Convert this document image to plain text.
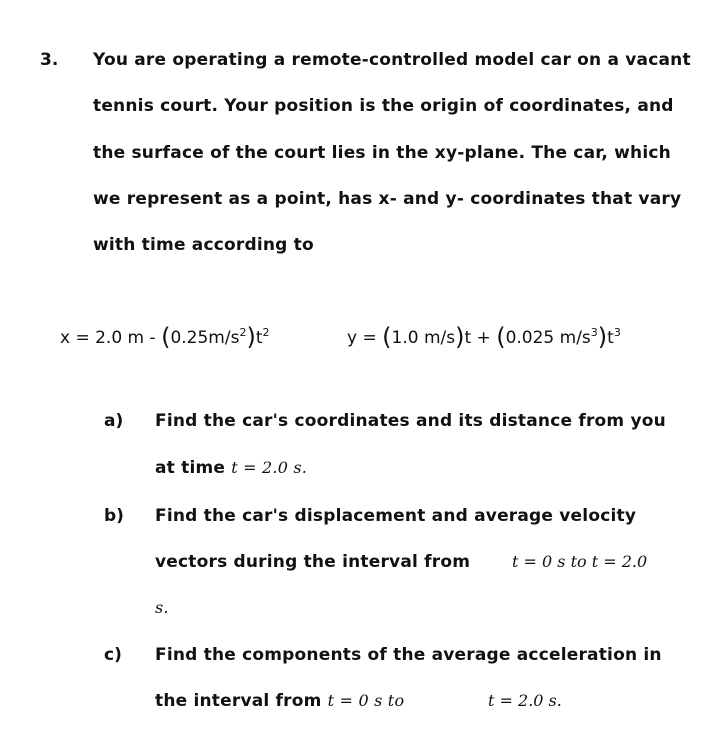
3. You are operating a remote-controlled model car on a vacant
tennis court. Your position is the origin of coordinates, and
the surface of the court lies in the xy-plane. The car, which
we represent as a point, has x- and y- coordinates that vary
with time according to
x = 2.0 m - $(0.25m/s^2)t^2$	y = (1.0 m/s)t + (0.025 $m/s^3)t^3$
a) Find the car's coordinates and its distance from you
at time t = 2.0 s.
b) Find the car's displacement and average velocity
vectors during the interval from	t = 0 s to t = 2.0
s.
c) Find the components of the average acceleration in
the interval from t = 0 s to	t = 2.0 s.
